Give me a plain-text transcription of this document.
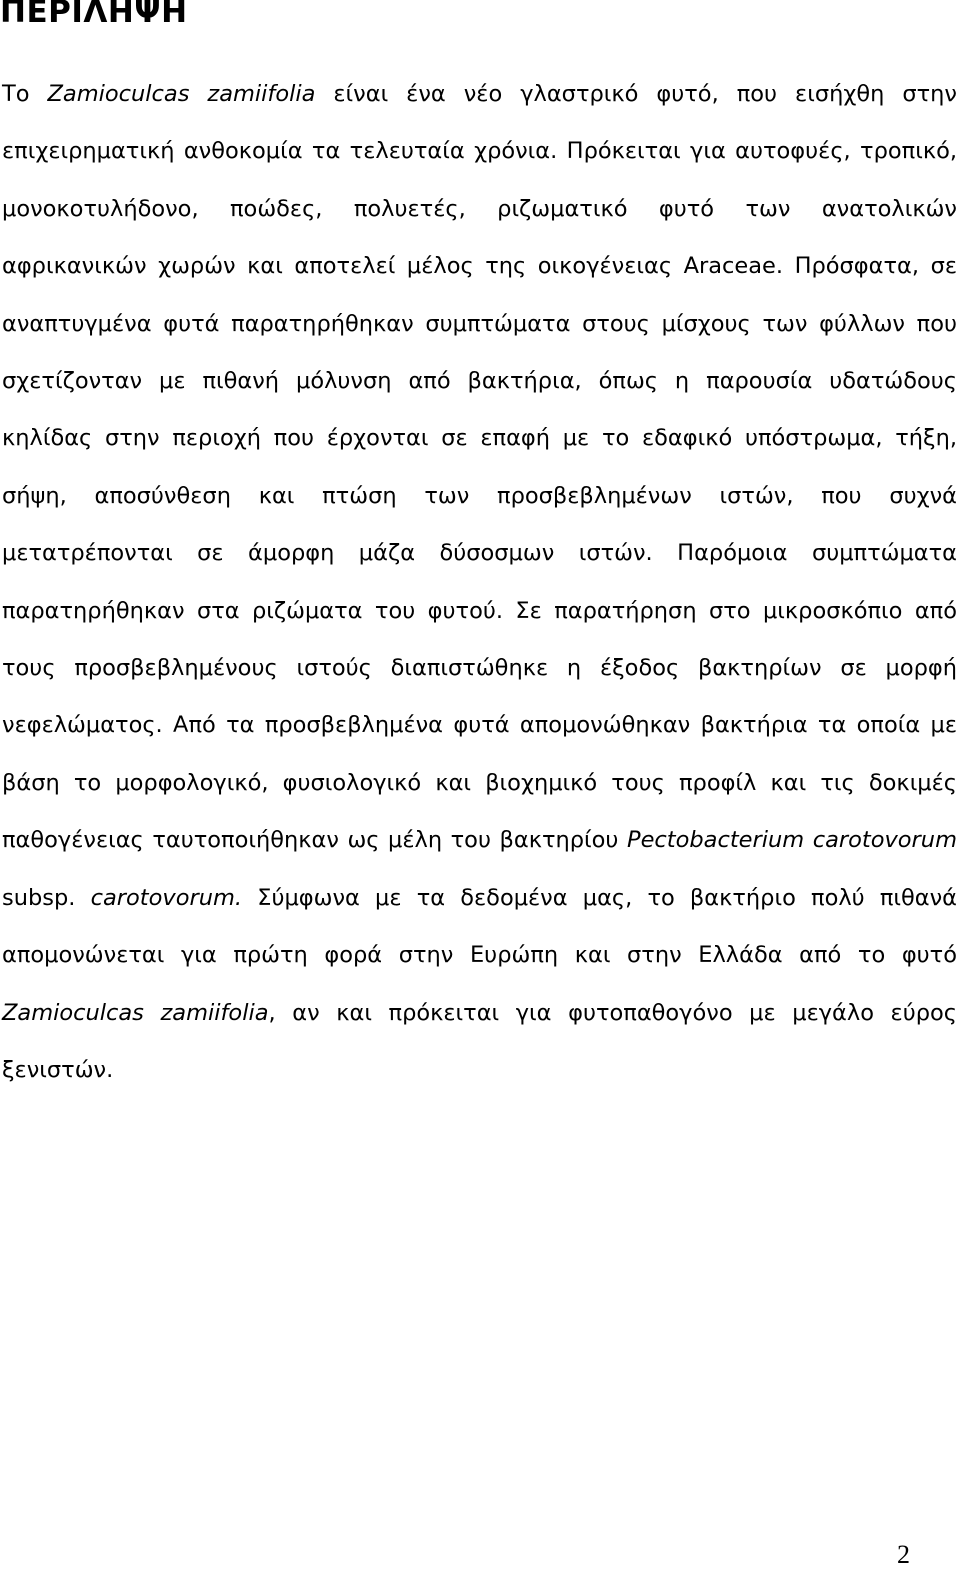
ΠΕΡΙΛΗΨΗ

Το Zamioculcas zamiifolia είναι ένα νέο γλαστρικό φυτό, που εισήχθη στην επιχειρηματική ανθοκομία τα τελευταία χρόνια. Πρόκειται για αυτοφυές, τροπικό, μονοκοτυλήδονο, ποώδες, πολυετές, ριζωματικό φυτό των ανατολικών αφρικανικών χωρών και αποτελεί μέλος της οικογένειας Araceae. Πρόσφατα, σε αναπτυγμένα φυτά παρατηρήθηκαν συμπτώματα στους μίσχους των φύλλων που σχετίζονταν με πιθανή μόλυνση από βακτήρια, όπως η παρουσία υδατώδους κηλίδας στην περιοχή που έρχονται σε επαφή με το εδαφικό υπόστρωμα, τήξη, σήψη, αποσύνθεση και πτώση των προσβεβλημένων ιστών, που συχνά μετατρέπονται σε άμορφη μάζα δύσοσμων ιστών. Παρόμοια συμπτώματα παρατηρήθηκαν στα ριζώματα του φυτού. Σε παρατήρηση στο μικροσκόπιο από τους προσβεβλημένους ιστούς διαπιστώθηκε η έξοδος βακτηρίων σε μορφή νεφελώματος. Από τα προσβεβλημένα φυτά απομονώθηκαν βακτήρια τα οποία με βάση το μορφολογικό, φυσιολογικό και βιοχημικό τους προφίλ και τις δοκιμές παθογένειας ταυτοποιήθηκαν ως μέλη του βακτηρίου Pectobacterium carotovorum subsp. carotovorum. Σύμφωνα με τα δεδομένα μας, το βακτήριο πολύ πιθανά απομονώνεται για πρώτη φορά στην Ευρώπη και στην Ελλάδα από το φυτό Zamioculcas zamiifolia, αν και πρόκειται για φυτοπαθογόνο με μεγάλο εύρος ξενιστών.

2
